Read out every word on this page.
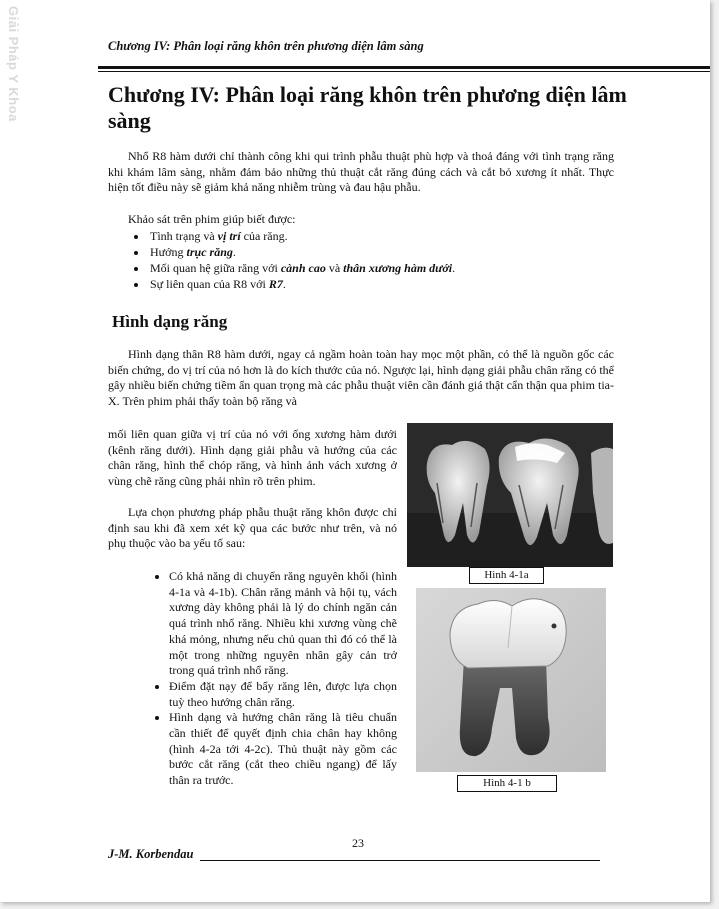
Giải Pháp Y Khoa	Chương IV: Phân loại răng khôn trên phương diện lâm sàng
Chương IV: Phân loại răng khôn trên phương diện lâm sàng

Nhổ R8 hàm dưới chỉ thành công khi qui trình phẫu thuật phù hợp và thoả đáng với tình trạng răng khi khám lâm sàng, nhằm đảm bảo những thủ thuật cắt răng đúng cách và cắt bỏ xương ít nhất. Thực hiện tốt điều này sẽ giảm khả năng nhiễm trùng và đau hậu phẫu.

Khảo sát trên phim giúp biết được:
• Tình trạng và vị trí của răng.
• Hướng trục răng.
• Mối quan hệ giữa răng với cành cao và thân xương hàm dưới.
• Sự liên quan của R8 với R7.
Hình dạng răng

Hình dạng thân R8 hàm dưới, ngay cả ngầm hoàn toàn hay mọc một phần, có thể là nguồn gốc các biến chứng, do vị trí của nó hơn là do kích thước của nó. Ngược lại, hình dạng giải phẫu chân răng có thể gây nhiều biến chứng tiềm ẩn quan trọng mà các phẫu thuật viên cần đánh giá thật cẩn thận qua phim tia-X. Trên phim phải thấy toàn bộ răng và

mối liên quan giữa vị trí của nó với ống xương hàm dưới (kênh răng dưới). Hình dạng giải phẫu và hướng của các chân răng, hình thể chóp răng, và hình ảnh vách xương ở vùng chẽ răng cũng phải nhìn rõ trên phim.

Lựa chọn phương pháp phẫu thuật răng khôn được chỉ định sau khi đã xem xét kỹ qua các bước như trên, và nó phụ thuộc vào ba yếu tố sau:

• Có khả năng di chuyển răng nguyên khối (hình 4-1a và 4-1b). Chân răng mảnh và hội tụ, vách xương dày không phải là lý do chính ngăn cản quá trình nhổ răng. Nhiều khi xương vùng chẽ khá mỏng, nhưng nếu chủ quan thì đó có thể là một trong những nguyên nhân gây cản trở trong quá trình nhổ răng.
• Điểm đặt nạy để bẩy răng lên, được lựa chọn tuỳ theo hướng chân răng.
• Hình dạng và hướng chân răng là tiêu chuẩn cần thiết để quyết định chia chân hay không (hình 4-2a tới 4-2c). Thủ thuật này gồm các bước cắt răng (cắt theo chiều ngang) để lấy thân ra trước.
Hình 4-1a
Hình 4-1 b
23
J-M. Korbendau
